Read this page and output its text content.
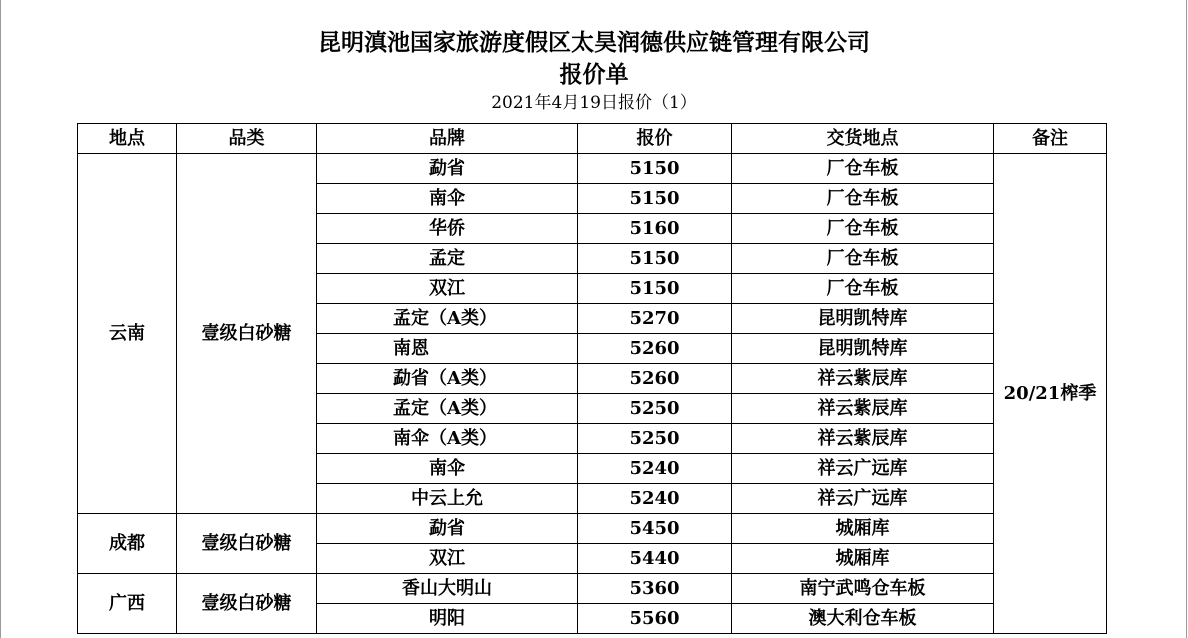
昆明滇池国家旅游度假区太昊润德供应链管理有限公司
报价单
2021年4月19日报价（1）
地点	品类	品牌	报价	交货地点	备注
云南	壹级白砂糖	勐省	5150	厂仓车板	20/21榨季
		南伞	5150	厂仓车板	
		华侨	5160	厂仓车板	
		孟定	5150	厂仓车板	
		双江	5150	厂仓车板	
		孟定（A类）	5270	昆明凯特库	
		南恩	5260	昆明凯特库	
		勐省（A类）	5260	祥云紫辰库	
		孟定（A类）	5250	祥云紫辰库	
		南伞（A类）	5250	祥云紫辰库	
		南伞	5240	祥云广远库	
		中云上允	5240	祥云广远库	
成都	壹级白砂糖	勐省	5450	城厢库	
		双江	5440	城厢库	
广西	壹级白砂糖	香山大明山	5360	南宁武鸣仓车板	
		明阳	5560	澳大利仓车板	
